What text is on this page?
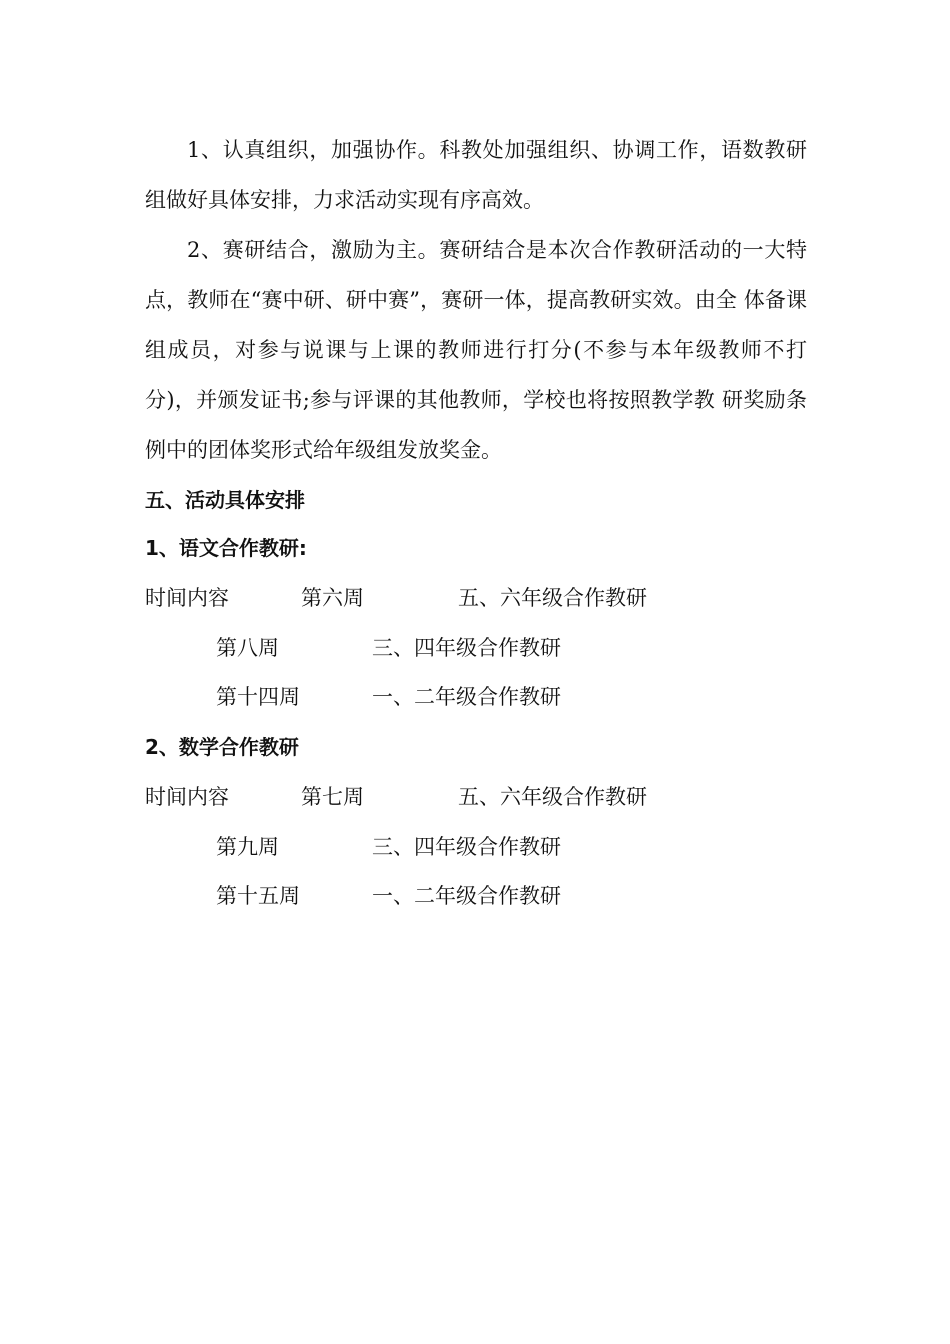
1、认真组织，加强协作。科教处加强组织、协调工作，语数教研组做好具体安排，力求活动实现有序高效。

2、赛研结合，激励为主。赛研结合是本次合作教研活动的一大特点，教师在“赛中研、研中赛”，赛研一体，提高教研实效。由全 体备课组成员，对参与说课与上课的教师进行打分(不参与本年级教师不打分)，并颁发证书;参与评课的其他教师，学校也将按照教学教 研奖励条例中的团体奖形式给年级组发放奖金。

五、活动具体安排
1、语文合作教研:
时间内容	第六周	五、六年级合作教研
第八周	三、四年级合作教研
第十四周	一、二年级合作教研
2、数学合作教研
时间内容	第七周	五、六年级合作教研
第九周	三、四年级合作教研
第十五周	一、二年级合作教研
